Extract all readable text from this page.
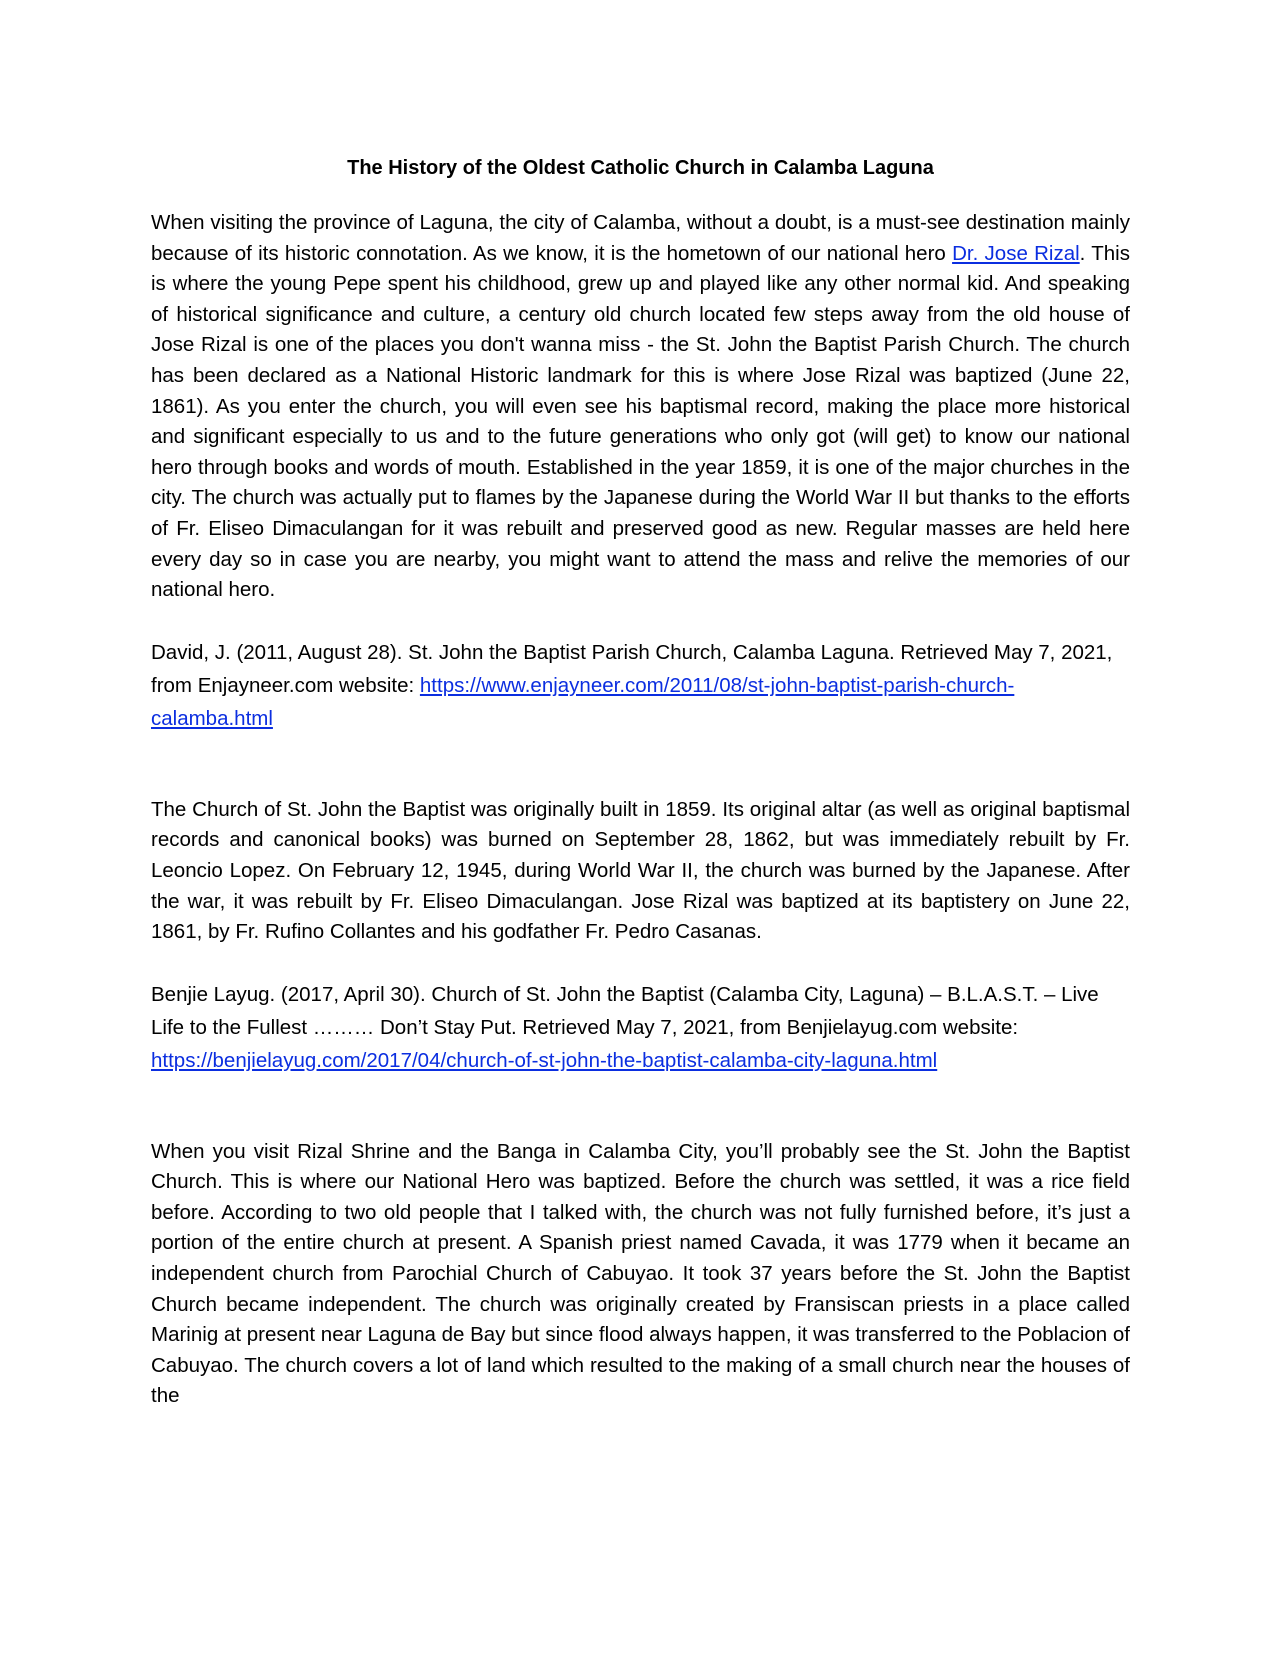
The History of the Oldest Catholic Church in Calamba Laguna

When visiting the province of Laguna, the city of Calamba, without a doubt, is a must-see destination mainly because of its historic connotation. As we know, it is the hometown of our national hero Dr. Jose Rizal. This is where the young Pepe spent his childhood, grew up and played like any other normal kid. And speaking of historical significance and culture, a century old church located few steps away from the old house of Jose Rizal is one of the places you don't wanna miss - the St. John the Baptist Parish Church. The church has been declared as a National Historic landmark for this is where Jose Rizal was baptized (June 22, 1861). As you enter the church, you will even see his baptismal record, making the place more historical and significant especially to us and to the future generations who only got (will get) to know our national hero through books and words of mouth. Established in the year 1859, it is one of the major churches in the city. The church was actually put to flames by the Japanese during the World War II but thanks to the efforts of Fr. Eliseo Dimaculangan for it was rebuilt and preserved good as new. Regular masses are held here every day so in case you are nearby, you might want to attend the mass and relive the memories of our national hero.

David, J. (2011, August 28). St. John the Baptist Parish Church, Calamba Laguna. Retrieved May 7, 2021, from Enjayneer.com website: https://www.enjayneer.com/2011/08/st-john-baptist-parish-church-calamba.html

The Church of St. John the Baptist was originally built in 1859. Its original altar (as well as original baptismal records and canonical books) was burned on September 28, 1862, but was immediately rebuilt by Fr. Leoncio Lopez. On February 12, 1945, during World War II, the church was burned by the Japanese. After the war, it was rebuilt by Fr. Eliseo Dimaculangan. Jose Rizal was baptized at its baptistery on June 22, 1861, by Fr. Rufino Collantes and his godfather Fr. Pedro Casanas.

Benjie Layug. (2017, April 30). Church of St. John the Baptist (Calamba City, Laguna) – B.L.A.S.T. – Live Life to the Fullest ……… Don’t Stay Put. Retrieved May 7, 2021, from Benjielayug.com website: https://benjielayug.com/2017/04/church-of-st-john-the-baptist-calamba-city-laguna.html

When you visit Rizal Shrine and the Banga in Calamba City, you’ll probably see the St. John the Baptist Church. This is where our National Hero was baptized. Before the church was settled, it was a rice field before. According to two old people that I talked with, the church was not fully furnished before, it’s just a portion of the entire church at present. A Spanish priest named Cavada, it was 1779 when it became an independent church from Parochial Church of Cabuyao. It took 37 years before the St. John the Baptist Church became independent. The church was originally created by Fransiscan priests in a place called Marinig at present near Laguna de Bay but since flood always happen, it was transferred to the Poblacion of Cabuyao. The church covers a lot of land which resulted to the making of a small church near the houses of the
